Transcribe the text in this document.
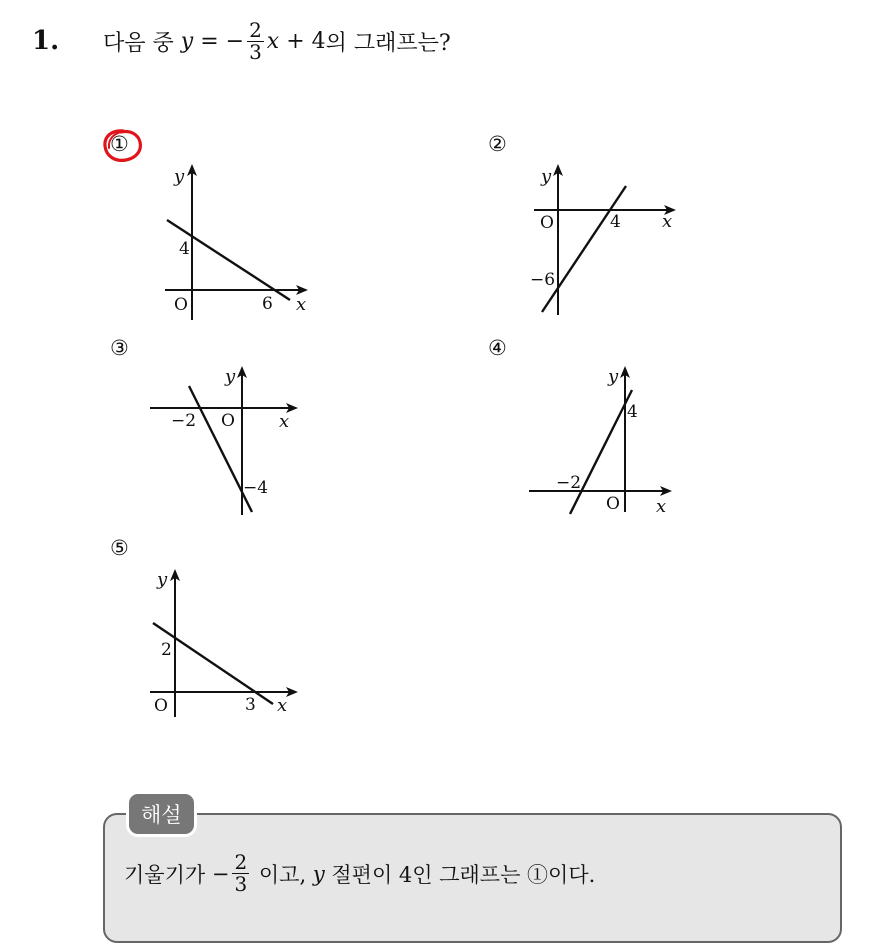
1. 다음 중
y
= − $\frac{2}{3}$ x
+ 4 의 그래프는?
①	②
③	④
⑤
y
x
O	6
4
y
x
O	4
−6
y
x
O
−2
−4
y
x
O
−2
4
y
x
O	3
2
해설
기울기가
− $\frac{2}{3}$
이고,
y
절편이 4인 그래프는 ①이다.
